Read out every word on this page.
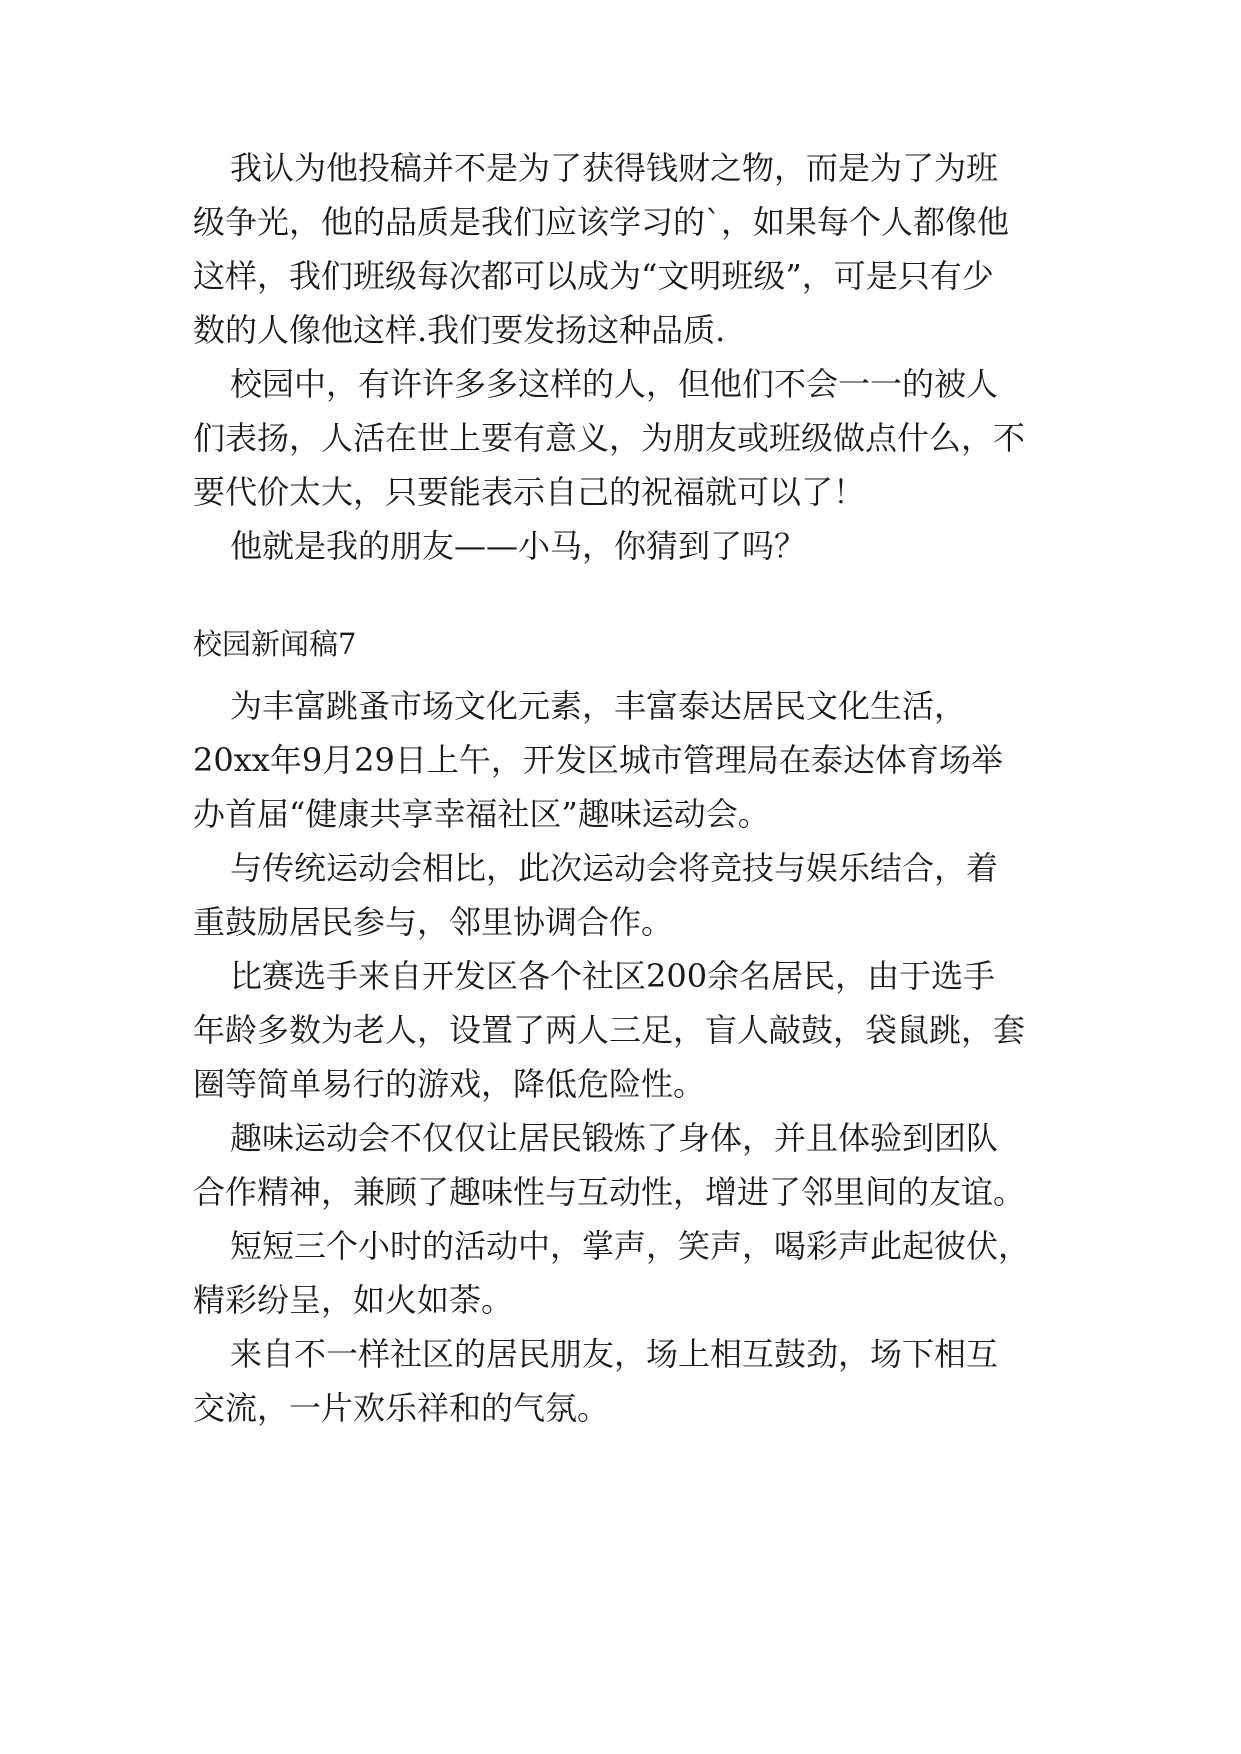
我认为他投稿并不是为了获得钱财之物，而是为了为班

级争光，他的品质是我们应该学习的`，如果每个人都像他

这样，我们班级每次都可以成为“文明班级”，可是只有少

数的人像他这样.我们要发扬这种品质.

校园中，有许许多多这样的人，但他们不会一一的被人

们表扬，人活在世上要有意义，为朋友或班级做点什么，不

要代价太大，只要能表示自己的祝福就可以了！

他就是我的朋友——小马，你猜到了吗？

校园新闻稿7

为丰富跳蚤市场文化元素，丰富泰达居民文化生活，

20xx年9月29日上午，开发区城市管理局在泰达体育场举

办首届“健康共享幸福社区”趣味运动会。

与传统运动会相比，此次运动会将竞技与娱乐结合，着

重鼓励居民参与，邻里协调合作。

比赛选手来自开发区各个社区200余名居民，由于选手

年龄多数为老人，设置了两人三足，盲人敲鼓，袋鼠跳，套

圈等简单易行的游戏，降低危险性。

趣味运动会不仅仅让居民锻炼了身体，并且体验到团队

合作精神，兼顾了趣味性与互动性，增进了邻里间的友谊。

短短三个小时的活动中，掌声，笑声，喝彩声此起彼伏，

精彩纷呈，如火如荼。

来自不一样社区的居民朋友，场上相互鼓劲，场下相互

交流，一片欢乐祥和的气氛。
